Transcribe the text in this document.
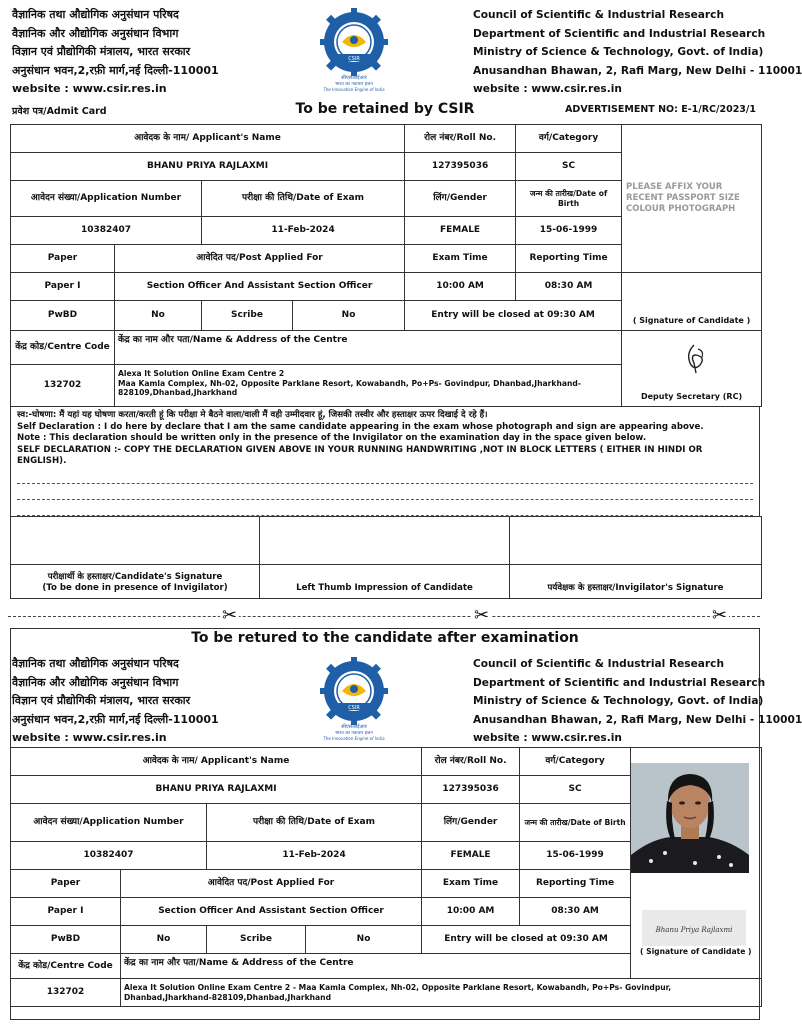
वैज्ञानिक तथा औद्योगिक अनुसंधान परिषद
वैज्ञानिक और औद्योगिक अनुसंधान विभाग
विज्ञान एवं प्रौद्योगिकी मंत्रालय, भारत सरकार
अनुसंधान भवन,2,रफ़ी मार्ग,नई दिल्ली-110001
website : www.csir.res.in
CSIR
सीएसआईआर
भारत का नवाचार इंजन
The Innovation Engine of India
Council of Scientific & Industrial Research
Department of Scientific and Industrial Research
Ministry of Science & Technology, Govt. of India)
Anusandhan Bhawan, 2, Rafi Marg, New Delhi - 110001
website : www.csir.res.in
प्रवेश पत्र/Admit Card	To be retained by CSIR	ADVERTISEMENT NO: E-1/RC/2023/1
आवेदक के नाम/ Applicant's Name				रोल नंबर/Roll No.	वर्ग/Category	PLEASE AFFIX YOUR RECENT PASSPORT SIZE COLOUR PHOTOGRAPH
BHANU PRIYA RAJLAXMI				127395036	SC	
आवेदन संख्या/Application Number		परीक्षा की तिथि/Date of Exam		लिंग/Gender	जन्म की तारीख/Date of Birth	
10382407		11-Feb-2024		FEMALE	15-06-1999	
Paper	आवेदित पद/Post Applied For			Exam Time	Reporting Time	
Paper I	Section Officer And Assistant Section Officer			10:00 AM	08:30 AM	( Signature of Candidate )
PwBD	No	Scribe	No	Entry will be closed at 09:30 AM		
केंद्र कोड/Centre Code	केंद्र का नाम और पता/Name & Address of the Centre					Deputy Secretary (RC)
132702	Alexa It Solution Online Exam Centre 2
Maa Kamla Complex, Nh-02, Opposite Parklane Resort, Kowabandh, Po+Ps- Govindpur, Dhanbad,Jharkhand-828109,Dhanbad,Jharkhand					
स्व:-घोषणा: मैं यहां यह घोषणा करता/करती हूं कि परीक्षा मे बैठने वाला/वाली मैं वही उम्मीदवार हूं, जिसकी तस्वीर और हस्ताक्षर ऊपर दिखाई दे रहे हैं।
Self Declaration : I do here by declare that I am the same candidate appearing in the exam whose photograph and sign are appearing above.
Note : This declaration should be written only in the presence of the Invigilator on the examination day in the space given below.
SELF DECLARATION :- COPY THE DECLARATION GIVEN ABOVE IN YOUR RUNNING HANDWRITING ,NOT IN BLOCK LETTERS ( EITHER IN HINDI OR ENGLISH).

परीक्षार्थी के हस्ताक्षर/Candidate's Signature
(To be done in presence of Invigilator)	Left Thumb Impression of Candidate	पर्यवेक्षक के हस्ताक्षर/Invigilator's Signature
✂	✂	✂
To be retured to the candidate after examination
वैज्ञानिक तथा औद्योगिक अनुसंधान परिषद
वैज्ञानिक और औद्योगिक अनुसंधान विभाग
विज्ञान एवं प्रौद्योगिकी मंत्रालय, भारत सरकार
अनुसंधान भवन,2,रफ़ी मार्ग,नई दिल्ली-110001
website : www.csir.res.in
CSIR
सीएसआईआर
भारत का नवाचार इंजन
The Innovation Engine of India
Council of Scientific & Industrial Research
Department of Scientific and Industrial Research
Ministry of Science & Technology, Govt. of India)
Anusandhan Bhawan, 2, Rafi Marg, New Delhi - 110001
website : www.csir.res.in
आवेदक के नाम/ Applicant's Name				रोल नंबर/Roll No.	वर्ग/Category	
BHANU PRIYA RAJLAXMI				127395036	SC	
आवेदन संख्या/Application Number		परीक्षा की तिथि/Date of Exam		लिंग/Gender	जन्म की तारीख/Date of Birth	
10382407		11-Feb-2024		FEMALE	15-06-1999	
Paper	आवेदित पद/Post Applied For			Exam Time	Reporting Time	
Paper I	Section Officer And Assistant Section Officer			10:00 AM	08:30 AM	
PwBD	No	Scribe	No	Entry will be closed at 09:30 AM		
केंद्र कोड/Centre Code	केंद्र का नाम और पता/Name & Address of the Centre					
132702	Alexa It Solution Online Exam Centre 2 - Maa Kamla Complex, Nh-02, Opposite Parklane Resort, Kowabandh, Po+Ps- Govindpur, Dhanbad,Jharkhand-828109,Dhanbad,Jharkhand					
Bhanu Priya Rajlaxmi
( Signature of Candidate )
